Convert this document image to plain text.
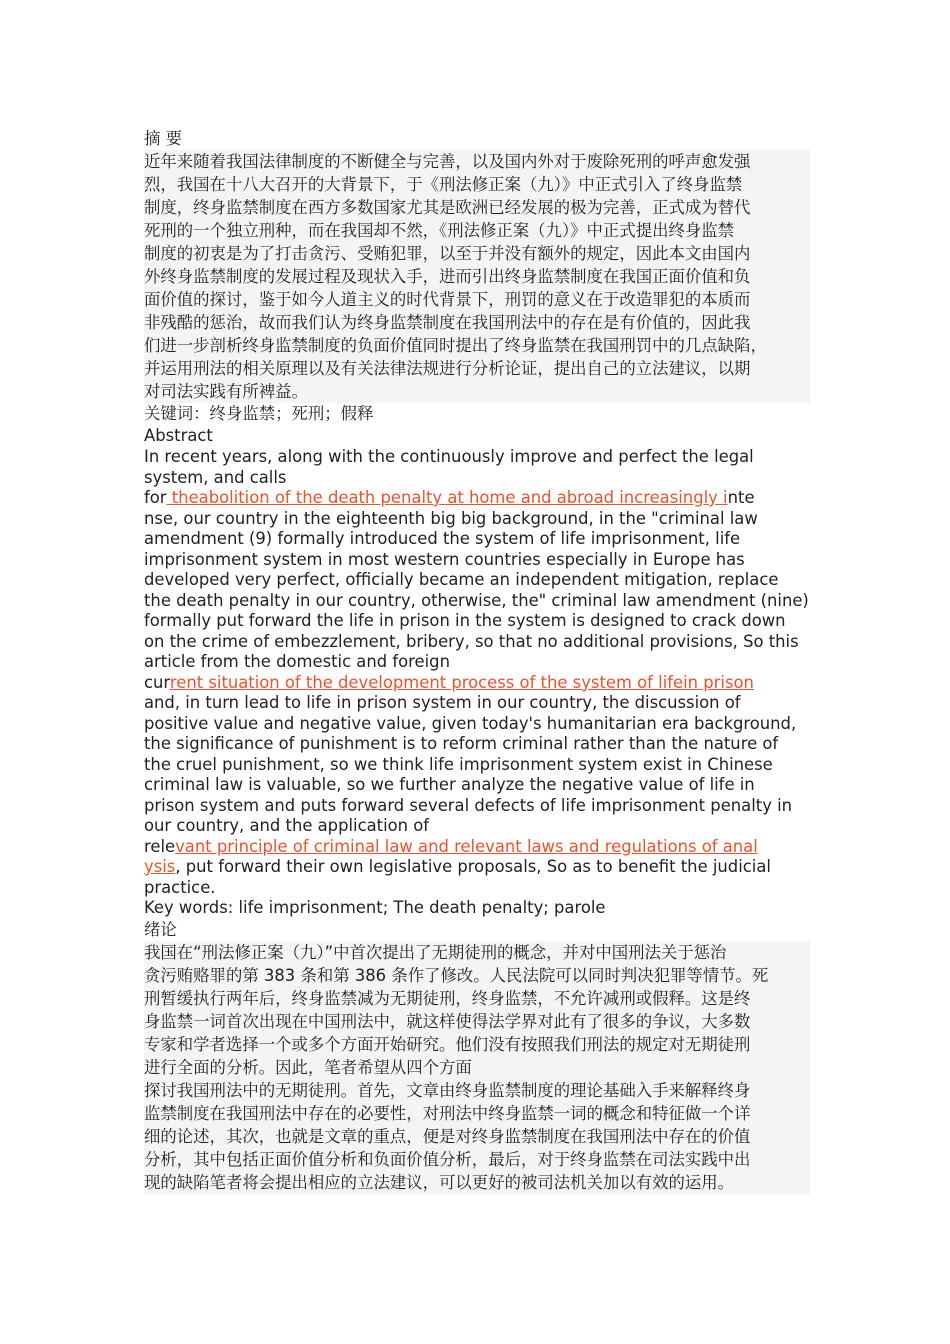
摘 要

近年来随着我国法律制度的不断健全与完善，以及国内外对于废除死刑的呼声愈发强
烈，我国在十八大召开的大背景下，于《刑法修正案（九）》中正式引入了终身监禁
制度，终身监禁制度在西方多数国家尤其是欧洲已经发展的极为完善，正式成为替代
死刑的一个独立刑种，而在我国却不然，《刑法修正案（九）》中正式提出终身监禁
制度的初衷是为了打击贪污、受贿犯罪，以至于并没有额外的规定，因此本文由国内
外终身监禁制度的发展过程及现状入手，进而引出终身监禁制度在我国正面价值和负
面价值的探讨，鉴于如今人道主义的时代背景下，刑罚的意义在于改造罪犯的本质而
非残酷的惩治，故而我们认为终身监禁制度在我国刑法中的存在是有价值的，因此我
们进一步剖析终身监禁制度的负面价值同时提出了终身监禁在我国刑罚中的几点缺陷，
并运用刑法的相关原理以及有关法律法规进行分析论证，提出自己的立法建议，以期
对司法实践有所裨益。

关键词：终身监禁；死刑；假释

Abstract

In recent years, along with the continuously improve and perfect the legal
system, and calls
for theabolition of the death penalty at home and abroad increasingly inte
nse, our country in the eighteenth big big background, in the "criminal law amendment (9) formally introduced the system of life imprisonment, life imprisonment system in most western countries especially in Europe has developed very perfect, officially became an independent mitigation, replace the death penalty in our country, otherwise, the" criminal law amendment (nine) formally put forward the life in prison in the system is designed to crack down on the crime of embezzlement, bribery, so that no additional provisions, So this article from the domestic and foreign
current situation of the development process of the system of lifein prison
and, in turn lead to life in prison system in our country, the discussion of positive value and negative value, given today's humanitarian era background, the significance of punishment is to reform criminal rather than the nature of the cruel punishment, so we think life imprisonment system exist in Chinese criminal law is valuable, so we further analyze the negative value of life in prison system and puts forward several defects of life imprisonment penalty in our country, and the application of
relevant principle of criminal law and relevant laws and regulations of anal
ysis, put forward their own legislative proposals, So as to benefit the judicial practice.
Key words: life imprisonment; The death penalty; parole

绪论

我国在“刑法修正案（九）”中首次提出了无期徒刑的概念，并对中国刑法关于惩治
贪污贿赂罪的第 383 条和第 386 条作了修改。人民法院可以同时判决犯罪等情节。死
刑暂缓执行两年后，终身监禁减为无期徒刑，终身监禁，不允许减刑或假释。这是终
身监禁一词首次出现在中国刑法中，就这样使得法学界对此有了很多的争议，大多数
专家和学者选择一个或多个方面开始研究。他们没有按照我们刑法的规定对无期徒刑
进行全面的分析。因此，笔者希望从四个方面
探讨我国刑法中的无期徒刑。首先，文章由终身监禁制度的理论基础入手来解释终身
监禁制度在我国刑法中存在的必要性，对刑法中终身监禁一词的概念和特征做一个详
细的论述，其次，也就是文章的重点，便是对终身监禁制度在我国刑法中存在的价值
分析，其中包括正面价值分析和负面价值分析，最后，对于终身监禁在司法实践中出
现的缺陷笔者将会提出相应的立法建议，可以更好的被司法机关加以有效的运用。
